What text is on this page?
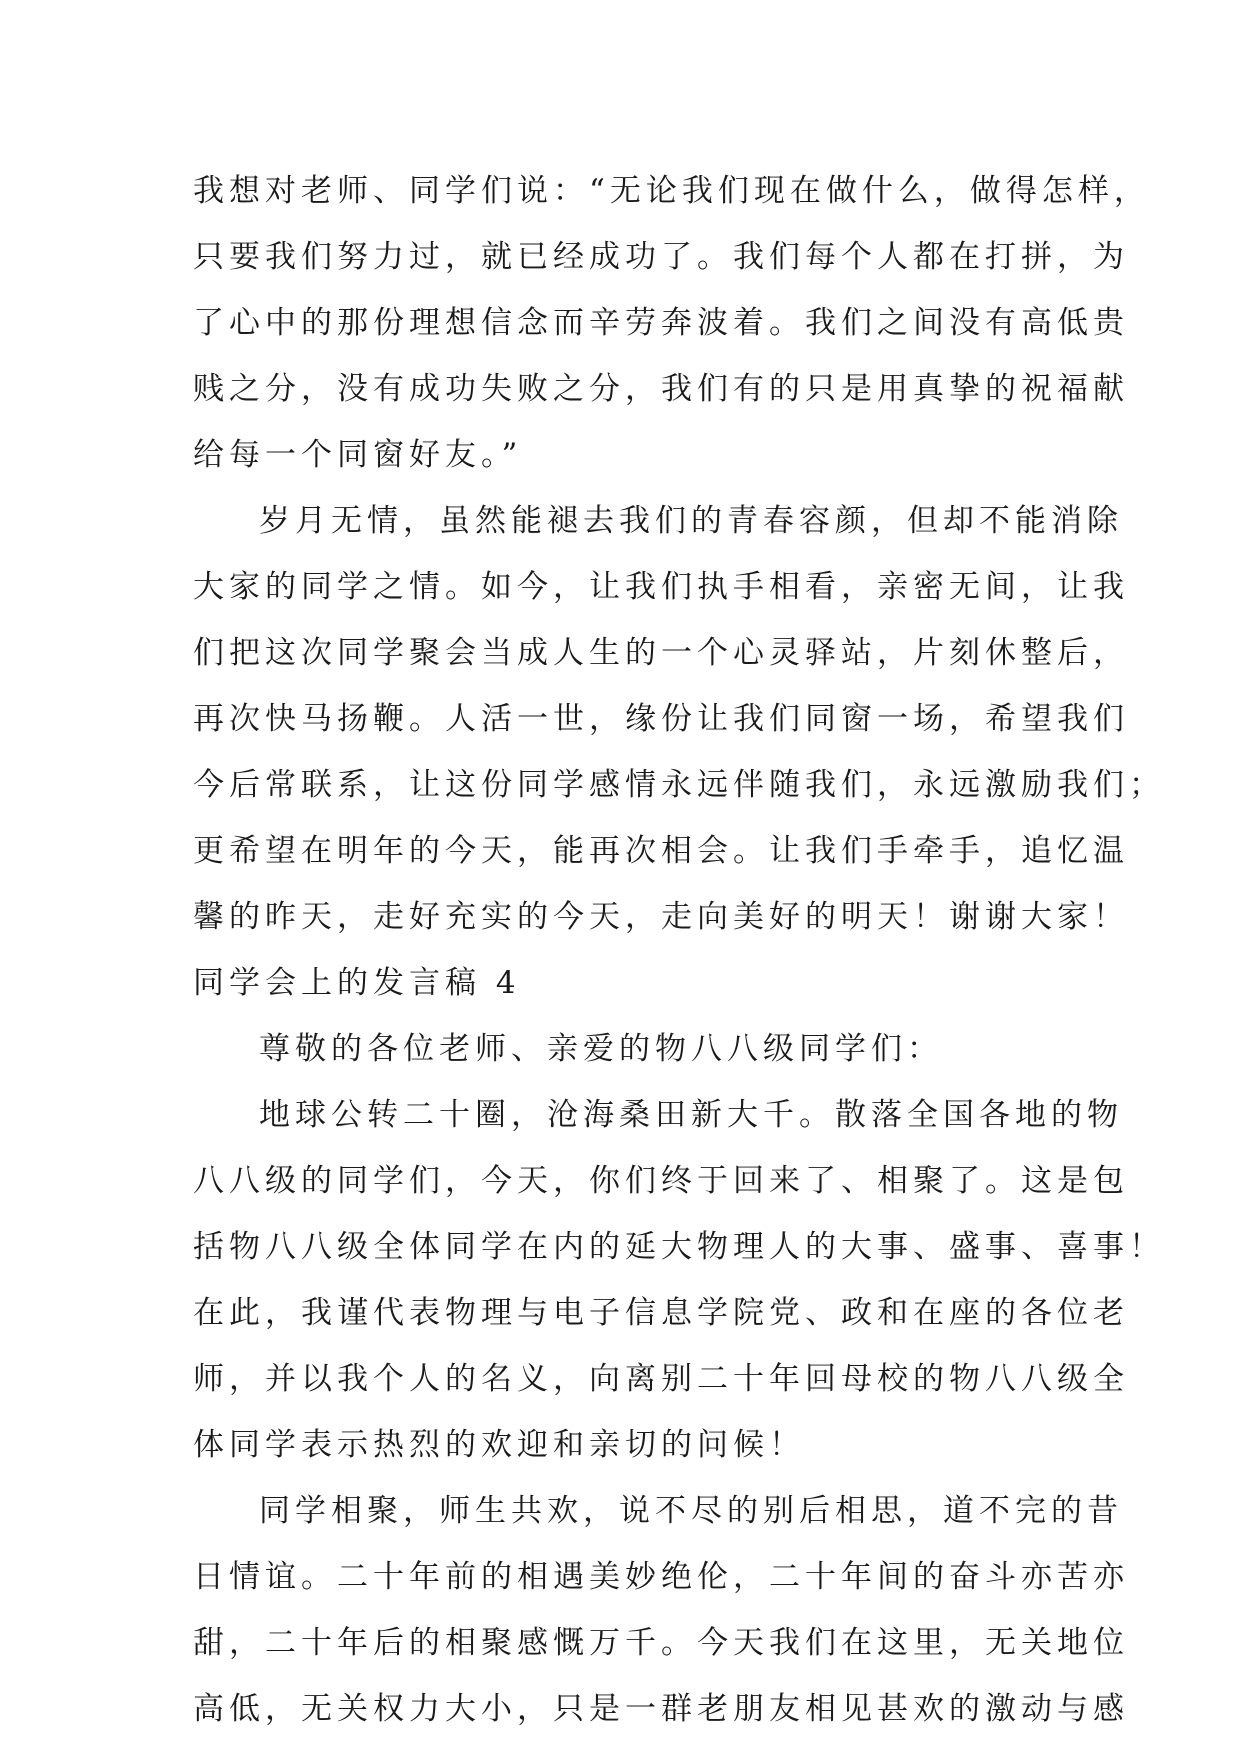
我想对老师、同学们说：“无论我们现在做什么，做得怎样，
只要我们努力过，就已经成功了。我们每个人都在打拼，为
了心中的那份理想信念而辛劳奔波着。我们之间没有高低贵
贱之分，没有成功失败之分，我们有的只是用真挚的祝福献
给每一个同窗好友。”
岁月无情，虽然能褪去我们的青春容颜，但却不能消除
大家的同学之情。如今，让我们执手相看，亲密无间，让我
们把这次同学聚会当成人生的一个心灵驿站，片刻休整后，
再次快马扬鞭。人活一世，缘份让我们同窗一场，希望我们
今后常联系，让这份同学感情永远伴随我们，永远激励我们；
更希望在明年的今天，能再次相会。让我们手牵手，追忆温
馨的昨天，走好充实的今天，走向美好的明天！谢谢大家！
同学会上的发言稿 4
尊敬的各位老师、亲爱的物八八级同学们：
地球公转二十圈，沧海桑田新大千。散落全国各地的物
八八级的同学们，今天，你们终于回来了、相聚了。这是包
括物八八级全体同学在内的延大物理人的大事、盛事、喜事！
在此，我谨代表物理与电子信息学院党、政和在座的各位老
师，并以我个人的名义，向离别二十年回母校的物八八级全
体同学表示热烈的欢迎和亲切的问候！
同学相聚，师生共欢，说不尽的别后相思，道不完的昔
日情谊。二十年前的相遇美妙绝伦，二十年间的奋斗亦苦亦
甜，二十年后的相聚感慨万千。今天我们在这里，无关地位
高低，无关权力大小，只是一群老朋友相见甚欢的激动与感
